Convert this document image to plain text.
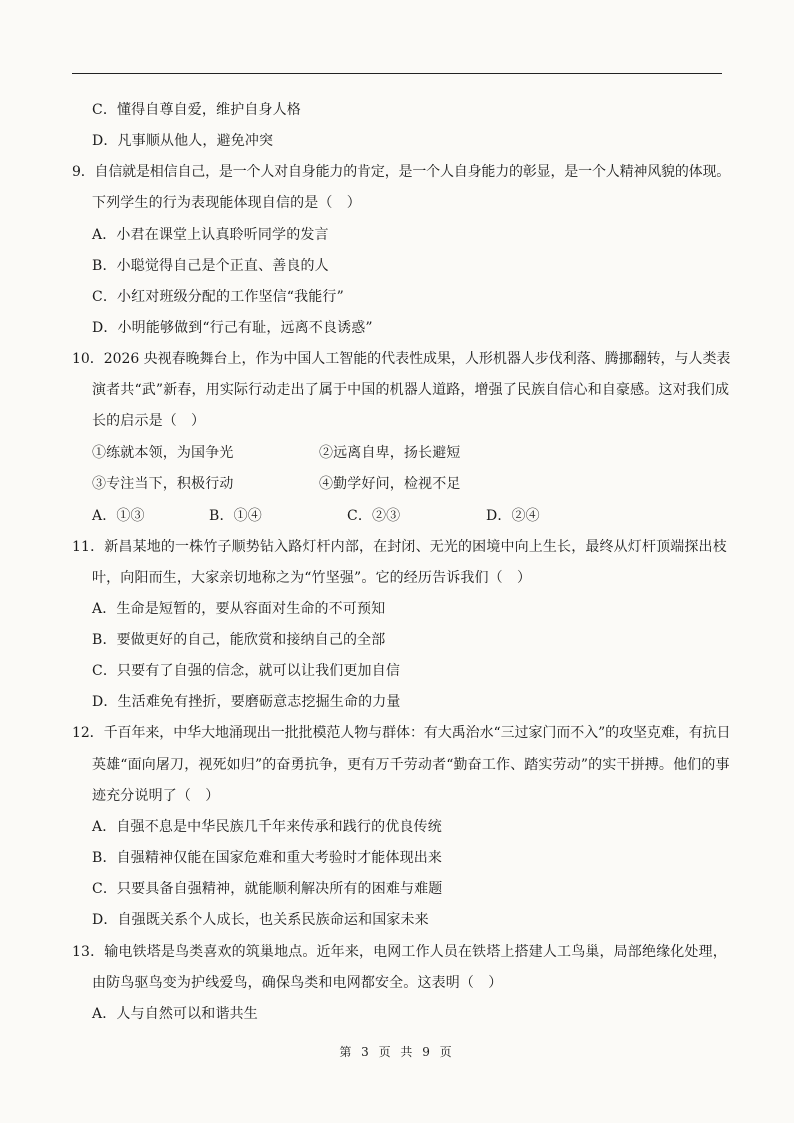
C．懂得自尊自爱，维护自身人格
D．凡事顺从他人，避免冲突
9．自信就是相信自己，是一个人对自身能力的肯定，是一个人自身能力的彰显，是一个人精神风貌的体现。
下列学生的行为表现能体现自信的是（　）
A．小君在课堂上认真聆听同学的发言
B．小聪觉得自己是个正直、善良的人
C．小红对班级分配的工作坚信“我能行”
D．小明能够做到“行己有耻，远离不良诱惑”
10．2026 央视春晚舞台上，作为中国人工智能的代表性成果，人形机器人步伐利落、腾挪翻转，与人类表
演者共“武”新春，用实际行动走出了属于中国的机器人道路，增强了民族自信心和自豪感。这对我们成
长的启示是（　）
①练就本领，为国争光	②远离自卑，扬长避短
③专注当下，积极行动	④勤学好问，检视不足
A．①③	B．①④	C．②③	D．②④
11．新昌某地的一株竹子顺势钻入路灯杆内部，在封闭、无光的困境中向上生长，最终从灯杆顶端探出枝
叶，向阳而生，大家亲切地称之为“竹坚强”。它的经历告诉我们（　）
A．生命是短暂的，要从容面对生命的不可预知
B．要做更好的自己，能欣赏和接纳自己的全部
C．只要有了自强的信念，就可以让我们更加自信
D．生活难免有挫折，要磨砺意志挖掘生命的力量
12．千百年来，中华大地涌现出一批批模范人物与群体：有大禹治水“三过家门而不入”的攻坚克难，有抗日
英雄“面向屠刀，视死如归”的奋勇抗争，更有万千劳动者“勤奋工作、踏实劳动”的实干拼搏。他们的事
迹充分说明了（　）
A．自强不息是中华民族几千年来传承和践行的优良传统
B．自强精神仅能在国家危难和重大考验时才能体现出来
C．只要具备自强精神，就能顺利解决所有的困难与难题
D．自强既关系个人成长，也关系民族命运和国家未来
13．输电铁塔是鸟类喜欢的筑巢地点。近年来，电网工作人员在铁塔上搭建人工鸟巢，局部绝缘化处理，
由防鸟驱鸟变为护线爱鸟，确保鸟类和电网都安全。这表明（　）
A．人与自然可以和谐共生
第 3 页 共 9 页
